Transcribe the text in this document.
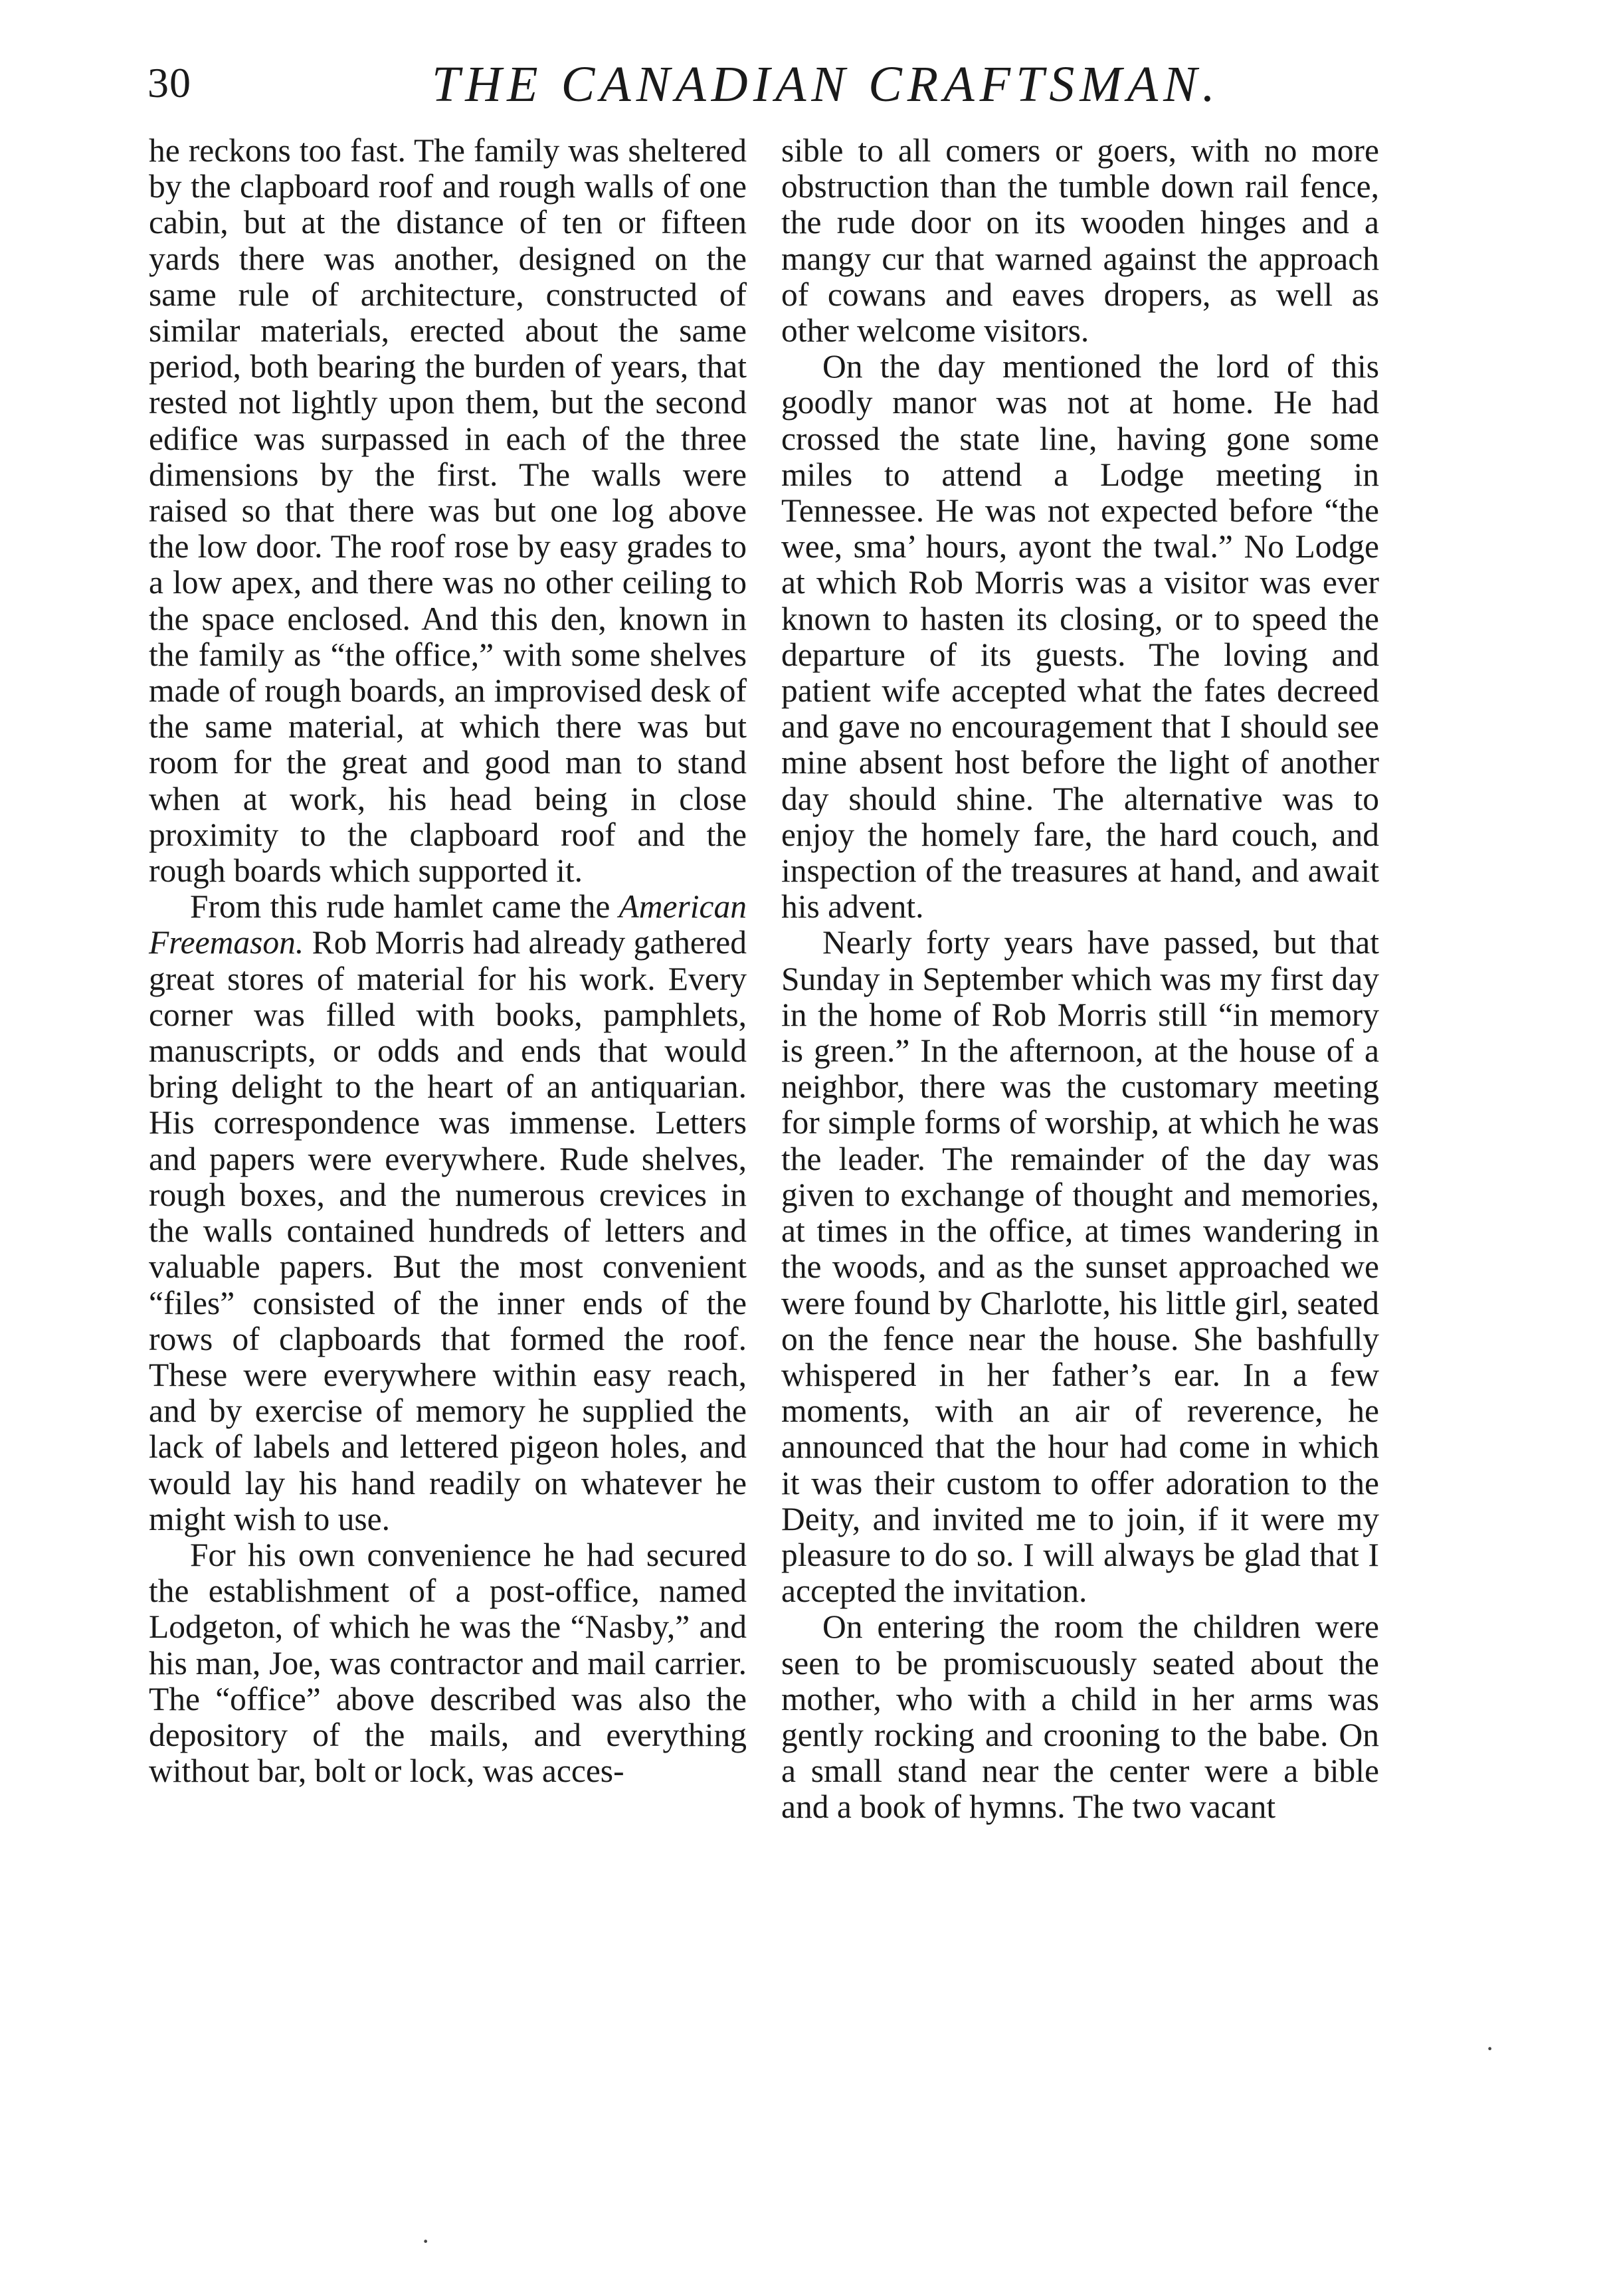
30	THE CANADIAN CRAFTSMAN.

he reckons too fast. The family was sheltered by the clapboard roof and rough walls of one cabin, but at the distance of ten or fifteen yards there was another, designed on the same rule of architecture, constructed of similar materials, erected about the same period, both bearing the burden of years, that rested not lightly upon them, but the second edifice was surpassed in each of the three dimensions by the first. The walls were raised so that there was but one log above the low door. The roof rose by easy grades to a low apex, and there was no other ceiling to the space enclosed. And this den, known in the family as “the office,” with some shelves made of rough boards, an improvised desk of the same material, at which there was but room for the great and good man to stand when at work, his head being in close proximity to the clapboard roof and the rough boards which supported it.

From this rude hamlet came the American Freemason. Rob Morris had already gathered great stores of material for his work. Every corner was filled with books, pamphlets, manuscripts, or odds and ends that would bring delight to the heart of an antiquarian. His correspondence was immense. Letters and papers were everywhere. Rude shelves, rough boxes, and the numerous crevices in the walls contained hundreds of letters and valuable papers. But the most convenient “files” consisted of the inner ends of the rows of clapboards that formed the roof. These were everywhere within easy reach, and by exercise of memory he supplied the lack of labels and lettered pigeon holes, and would lay his hand readily on whatever he might wish to use.

For his own convenience he had secured the establishment of a post-office, named Lodgeton, of which he was the “Nasby,” and his man, Joe, was contractor and mail carrier. The “office” above described was also the depository of the mails, and everything without bar, bolt or lock, was acces-

sible to all comers or goers, with no more obstruction than the tumble down rail fence, the rude door on its wooden hinges and a mangy cur that warned against the approach of cowans and eaves dropers, as well as other welcome visitors.

On the day mentioned the lord of this goodly manor was not at home. He had crossed the state line, having gone some miles to attend a Lodge meeting in Tennessee. He was not expected before “the wee, sma’ hours, ayont the twal.” No Lodge at which Rob Morris was a visitor was ever known to hasten its closing, or to speed the departure of its guests. The loving and patient wife accepted what the fates decreed and gave no encouragement that I should see mine absent host before the light of another day should shine. The alternative was to enjoy the homely fare, the hard couch, and inspection of the treasures at hand, and await his advent.

Nearly forty years have passed, but that Sunday in September which was my first day in the home of Rob Morris still “in memory is green.” In the afternoon, at the house of a neighbor, there was the customary meeting for simple forms of worship, at which he was the leader. The remainder of the day was given to exchange of thought and memories, at times in the office, at times wandering in the woods, and as the sunset approached we were found by Charlotte, his little girl, seated on the fence near the house. She bashfully whispered in her father’s ear. In a few moments, with an air of reverence, he announced that the hour had come in which it was their custom to offer adoration to the Deity, and invited me to join, if it were my pleasure to do so. I will always be glad that I accepted the invitation.

On entering the room the children were seen to be promiscuously seated about the mother, who with a child in her arms was gently rocking and crooning to the babe. On a small stand near the center were a bible and a book of hymns. The two vacant

·
·
